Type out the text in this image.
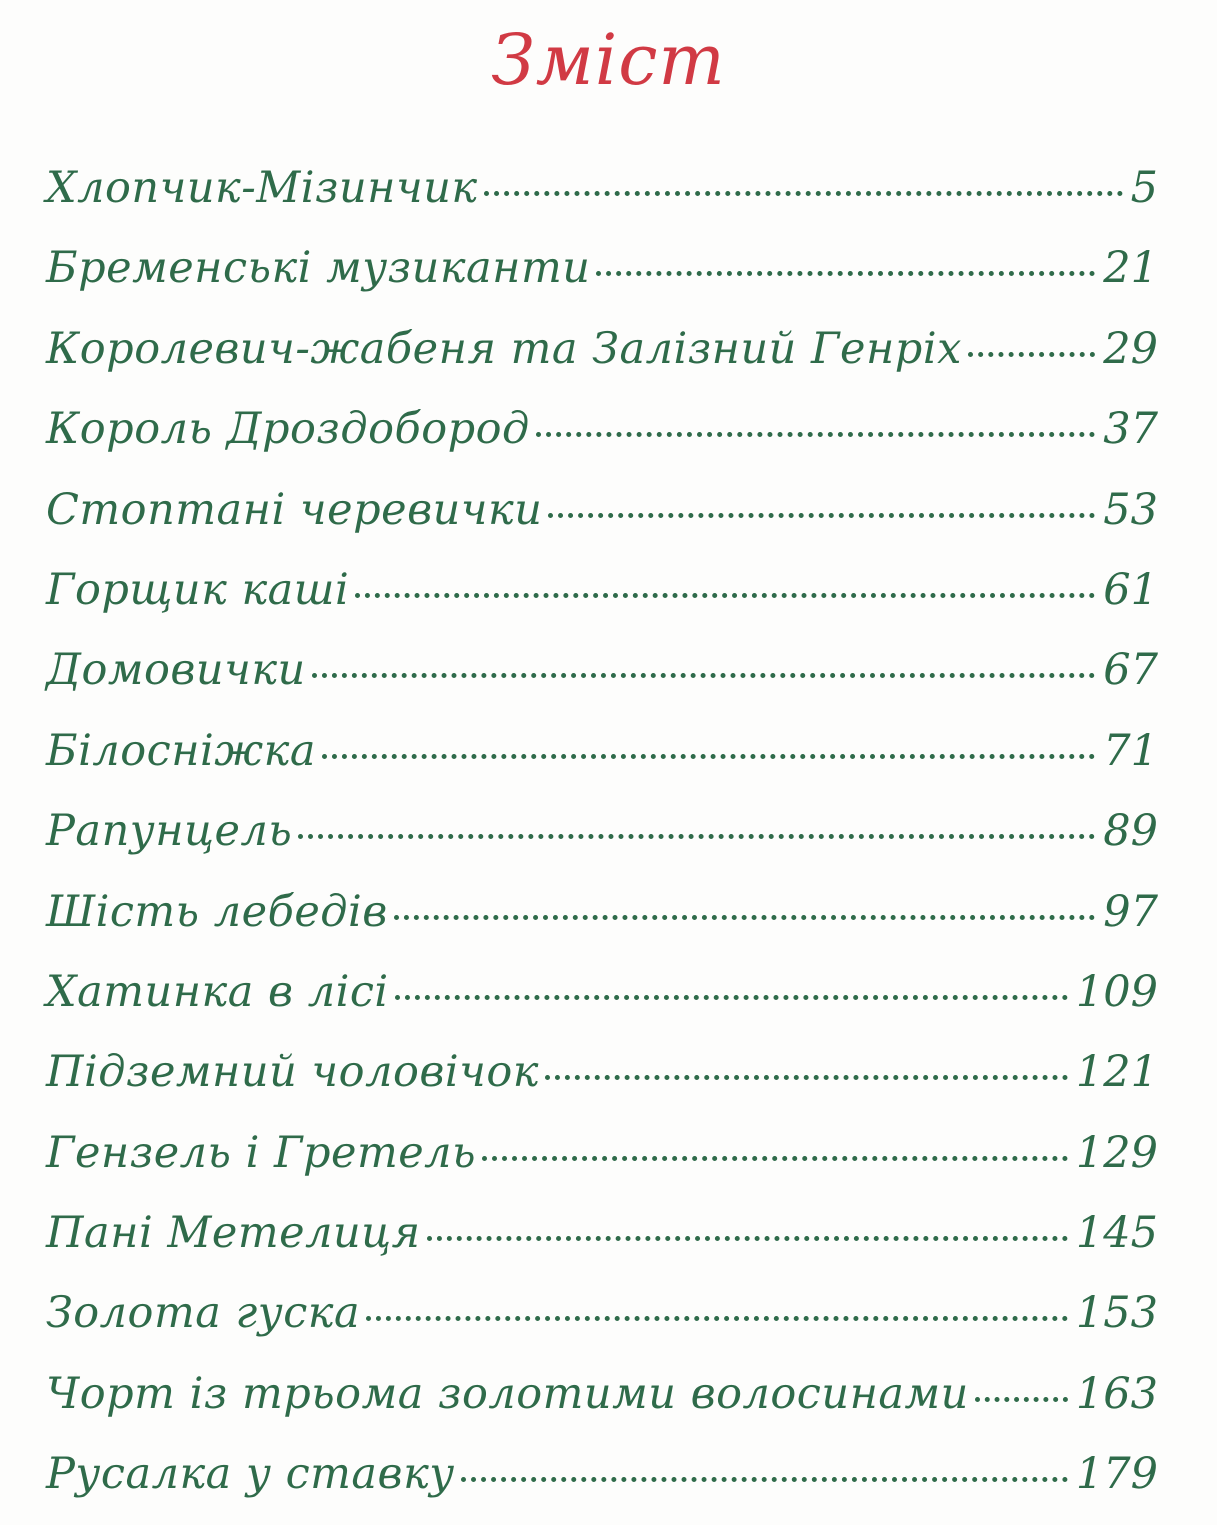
Зміст
Хлопчик-Мізинчик	5
Бременські музиканти	21
Королевич-жабеня та Залізний Генріх	29
Король Дроздобород	37
Стоптані черевички	53
Горщик каші	61
Домовички	67
Білосніжка	71
Рапунцель	89
Шість лебедів	97
Хатинка в лісі	109
Підземний чоловічок	121
Гензель і Гретель	129
Пані Метелиця	145
Золота гуска	153
Чорт із трьома золотими волосинами 163
Русалка у ставку	179
